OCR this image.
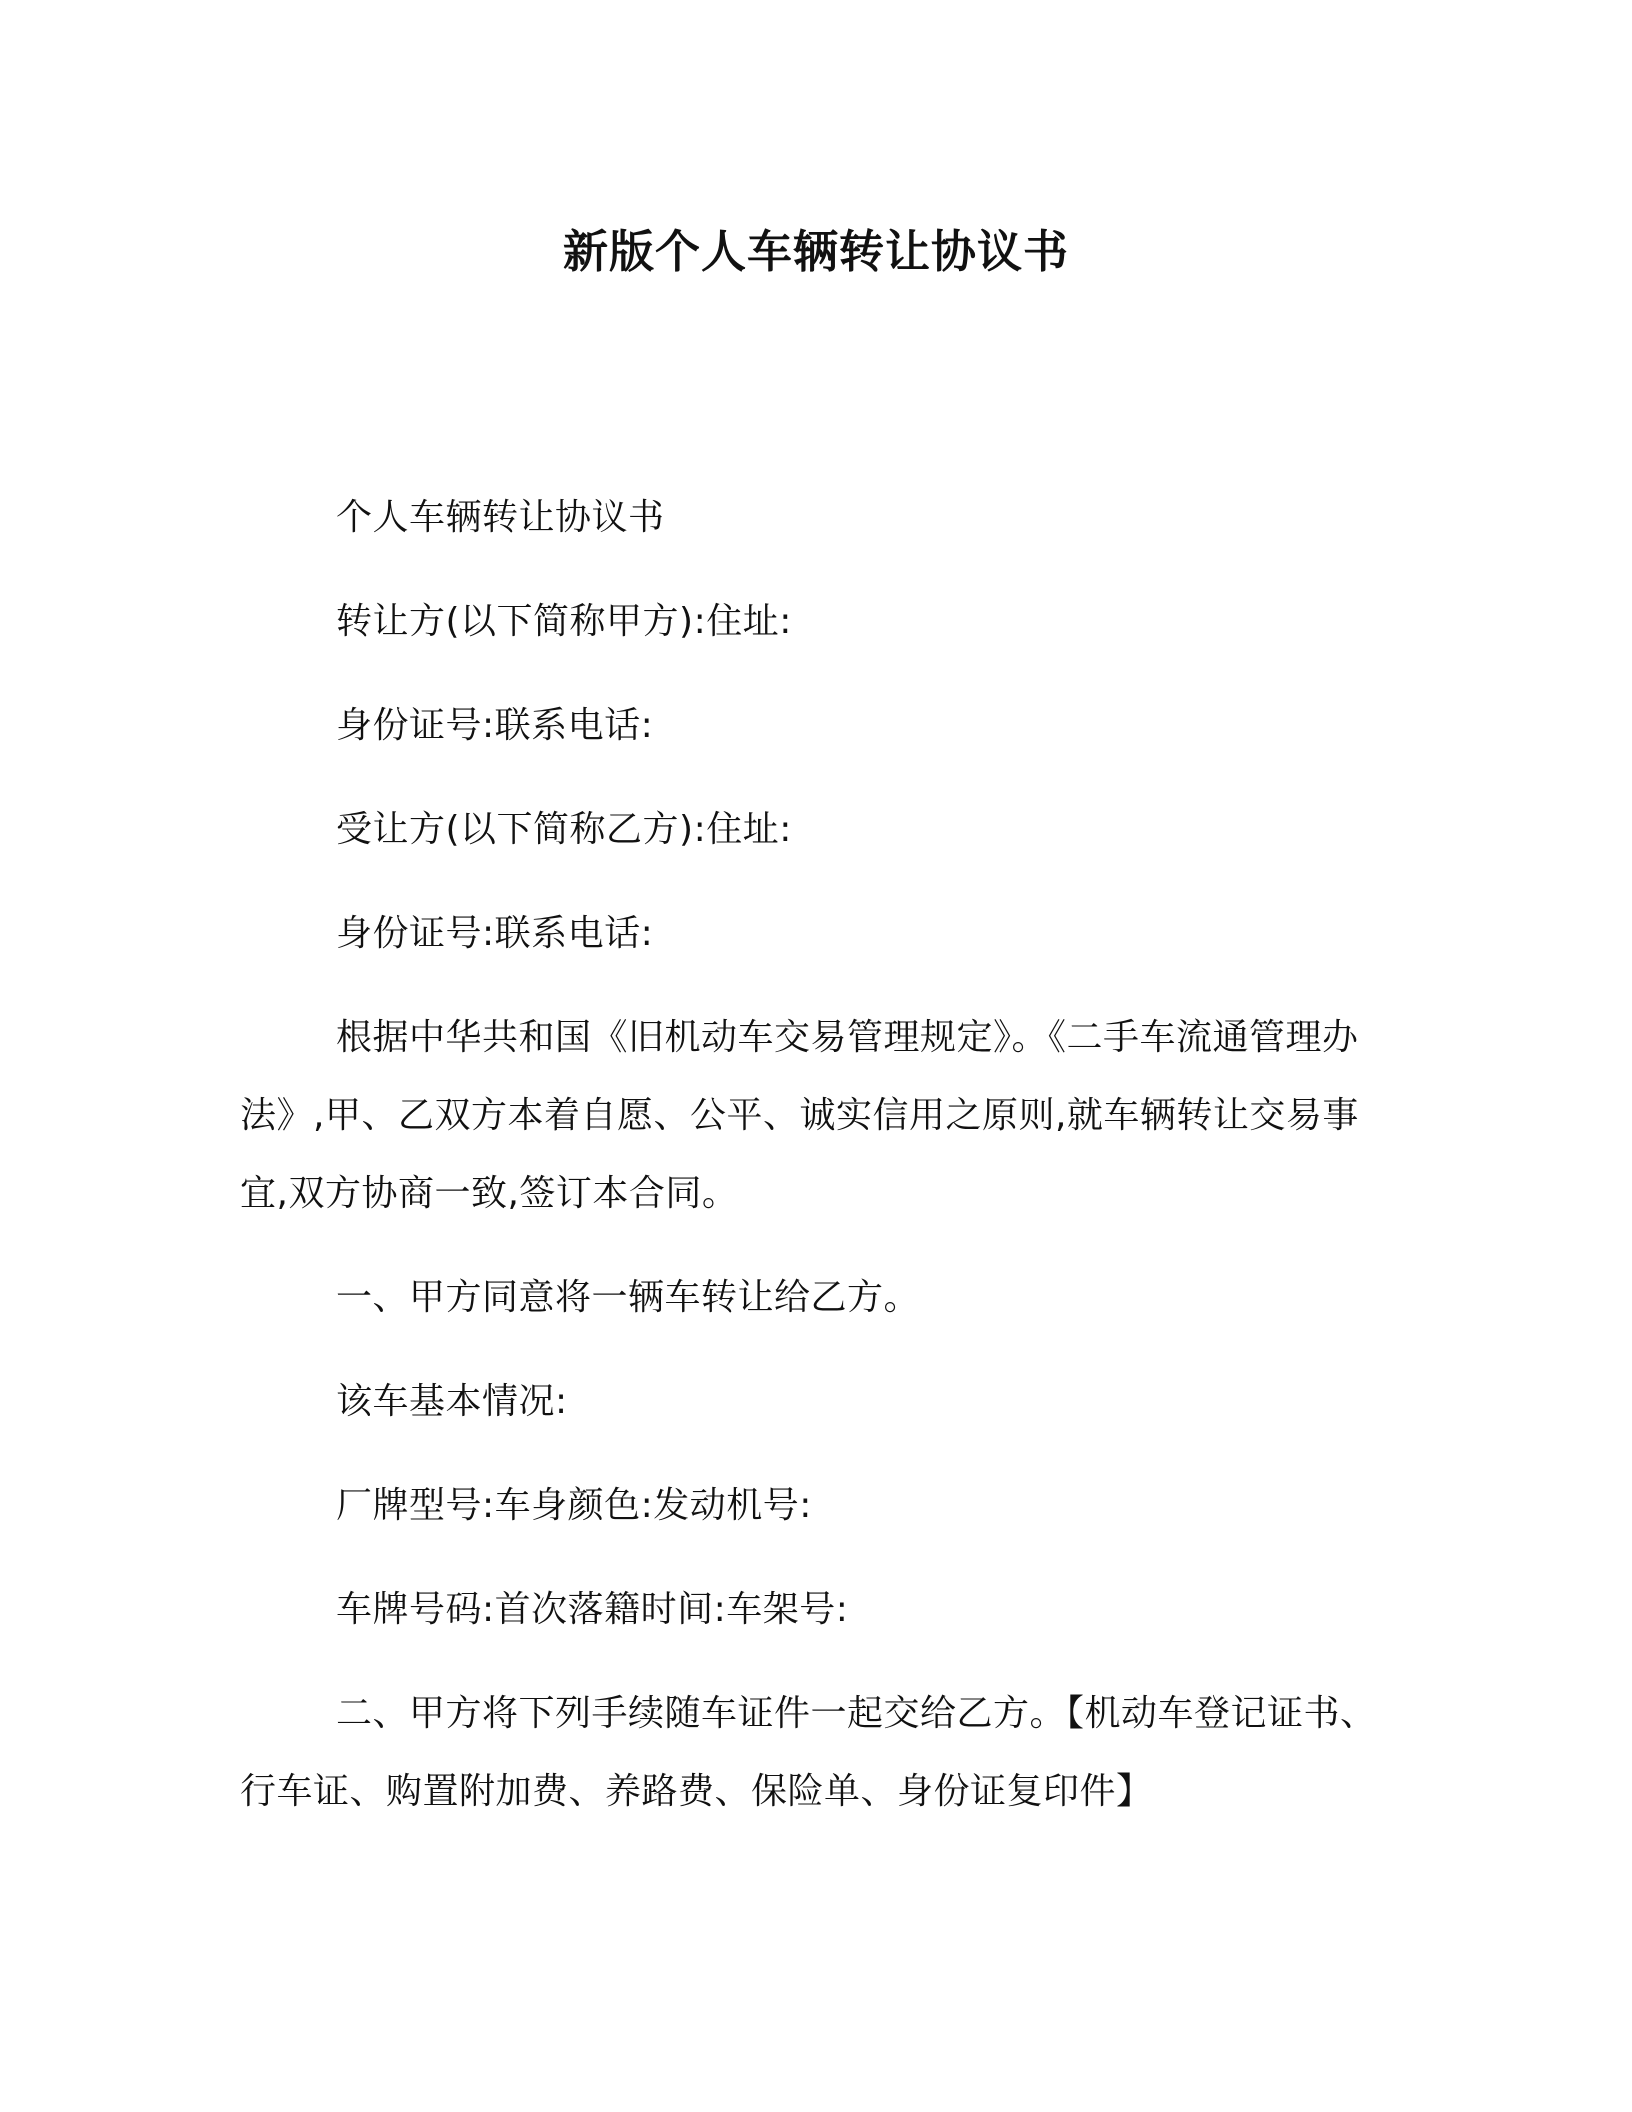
新版个人车辆转让协议书

个人车辆转让协议书

转让方(以下简称甲方):住址:

身份证号:联系电话:

受让方(以下简称乙方):住址:

身份证号:联系电话:

根据中华共和国《旧机动车交易管理规定》。《二手车流通管理办法》,甲、乙双方本着自愿、公平、诚实信用之原则,就车辆转让交易事宜,双方协商一致,签订本合同。

一、甲方同意将一辆车转让给乙方。

该车基本情况:

厂牌型号:车身颜色:发动机号:

车牌号码:首次落籍时间:车架号:

二、甲方将下列手续随车证件一起交给乙方。【机动车登记证书、行车证、购置附加费、养路费、保险单、身份证复印件】
